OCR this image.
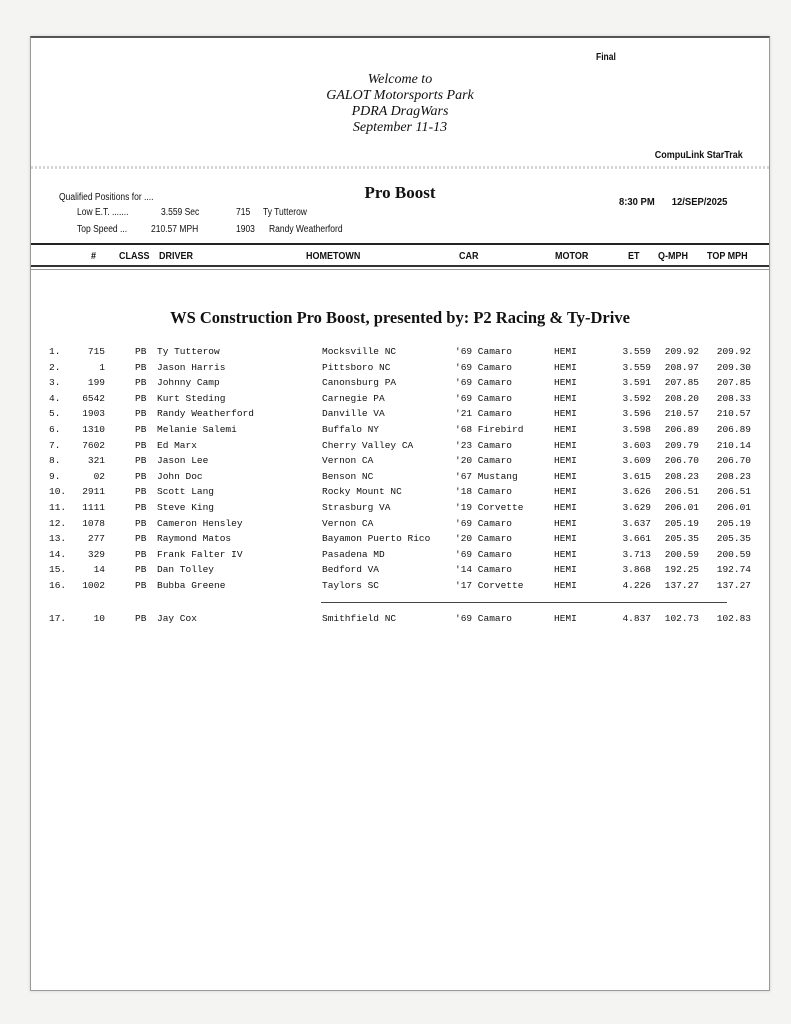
Final
Welcome to
GALOT Motorsports Park
PDRA DragWars
September 11-13
CompuLink StarTrak
Pro Boost
Qualified Positions for ....
Low E.T. .......	3.559 Sec	715 Ty Tutterow
Top Speed ... 210.57 MPH	1903 Randy Weatherford
8:30 PM 12/SEP/2025
# CLASS DRIVER	HOMETOWN	CAR	MOTOR	ET Q-MPH TOP MPH
WS Construction Pro Boost, presented by: P2 Racing & Ty-Drive
1.	715	PB Ty Tutterow	Mocksville NC	'69 Camaro	HEMI	3.559	209.92	209.92
2.	1	PB Jason Harris	Pittsboro NC	'69 Camaro	HEMI	3.559	208.97	209.30
3.	199	PB Johnny Camp	Canonsburg PA	'69 Camaro	HEMI	3.591	207.85	207.85
4.	6542	PB Kurt Steding	Carnegie PA	'69 Camaro	HEMI	3.592	208.20	208.33
5.	1903	PB Randy Weatherford	Danville VA	'21 Camaro	HEMI	3.596	210.57	210.57
6.	1310	PB Melanie Salemi	Buffalo NY	'68 Firebird	HEMI	3.598	206.89	206.89
7.	7602	PB Ed Marx	Cherry Valley CA	'23 Camaro	HEMI	3.603	209.79	210.14
8.	321	PB Jason Lee	Vernon CA	'20 Camaro	HEMI	3.609	206.70	206.70
9.	02	PB John Doc	Benson NC	'67 Mustang	HEMI	3.615	208.23	208.23
10.	2911	PB Scott Lang	Rocky Mount NC	'18 Camaro	HEMI	3.626	206.51	206.51
11.	1111	PB Steve King	Strasburg VA	'19 Corvette	HEMI	3.629	206.01	206.01
12.	1078	PB Cameron Hensley	Vernon CA	'69 Camaro	HEMI	3.637	205.19	205.19
13.	277	PB Raymond Matos	Bayamon Puerto Rico	'20 Camaro	HEMI	3.661	205.35	205.35
14.	329	PB Frank Falter IV	Pasadena MD	'69 Camaro	HEMI	3.713	200.59	200.59
15.	14	PB Dan Tolley	Bedford VA	'14 Camaro	HEMI	3.868	192.25	192.74
16.	1002	PB Bubba Greene	Taylors SC	'17 Corvette	HEMI	4.226	137.27	137.27
17.	10	PB Jay Cox	Smithfield NC	'69 Camaro	HEMI	4.837	102.73	102.83
